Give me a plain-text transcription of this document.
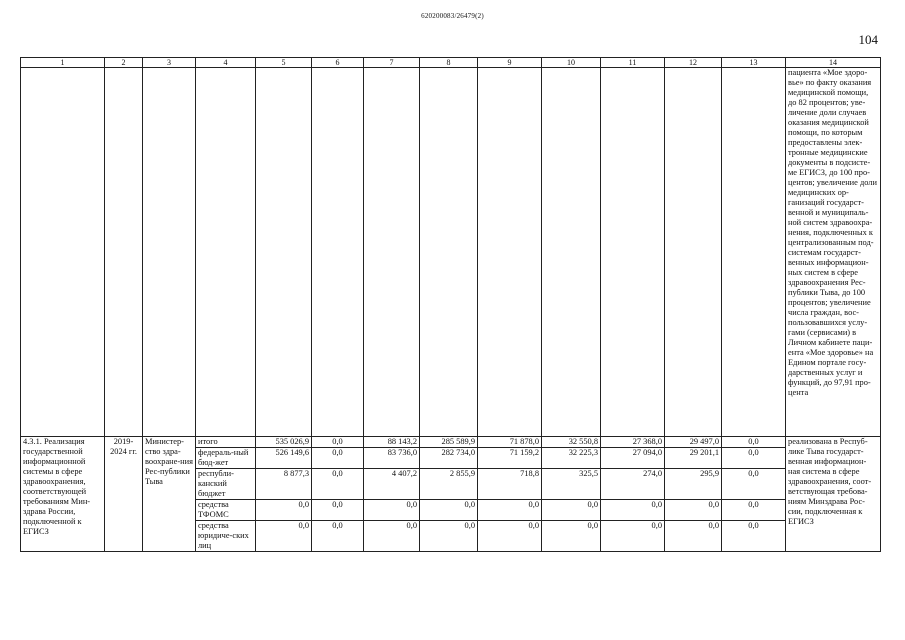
620200083/26479(2)
104
1	2	3	4	5	6	7	8	9	10	11	12	13	14
													пациента «Мое здоро-вье» по факту оказания медицинской помощи, до 82 процентов; уве-личение доли случаев оказания медицинской помощи, по которым предоставлены элек-тронные медицинские документы в подсисте-ме ЕГИСЗ, до 100 про-центов; увеличение доли медицинских ор-ганизаций государст-венной и муниципаль-ной систем здравоохра-нения, подключенных к централизованным под-системам государст-венных информацион-ных систем в сфере здравоохранения Рес-публики Тыва, до 100 процентов; увеличение числа граждан, вос-пользовавшихся услу-гами (сервисами) в Личном кабинете паци-ента «Мое здоровье» на Едином портале госу-дарственных услуг и функций, до 97,91 про-цента
4.3.1. Реализация государственной информационной системы в сфере здравоохранения, соответствующей требованиям Мин-здрава России, подключенной к ЕГИСЗ	2019-2024 гг.	Министер-ство здра-воохране-ния Рес-публики Тыва	итого	535 026,9	0,0	88 143,2	285 589,9	71 878,0	32 550,8	27 368,0	29 497,0	0,0	реализована в Респуб-лике Тыва государст-венная информацион-ная система в сфере здравоохранения, соот-ветствующая требова-ниям Минздрава Рос-сии, подключенная к ЕГИСЗ
			федераль-ный бюд-жет	526 149,6	0,0	83 736,0	282 734,0	71 159,2	32 225,3	27 094,0	29 201,1	0,0	
			республи-канский бюджет	8 877,3	0,0	4 407,2	2 855,9	718,8	325,5	274,0	295,9	0,0	
			средства ТФОМС	0,0	0,0	0,0	0,0	0,0	0,0	0,0	0,0	0,0	
			средства юридиче-ских лиц	0,0	0,0	0,0	0,0	0,0	0,0	0,0	0,0	0,0	
